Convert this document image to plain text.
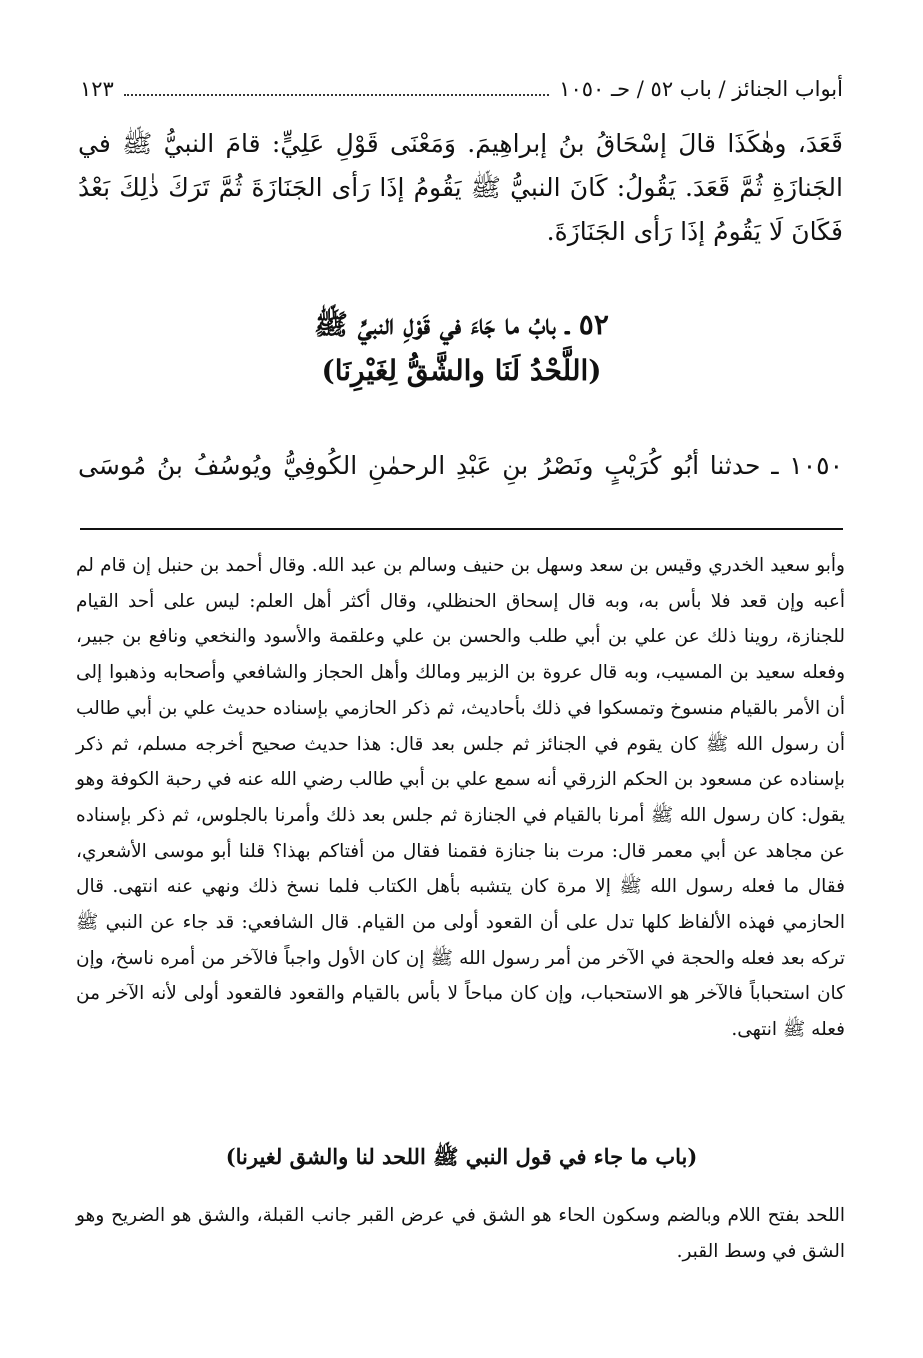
أبواب الجنائز / باب ٥٢ / حـ ١٠٥٠
١٢٣

قَعَدَ، وهٰكَذَا قالَ إسْحَاقُ بنُ إبراهِيمَ. وَمَعْنَى قَوْلِ عَلِيٍّ: قامَ النبيُّ ﷺ في الجَنازَةِ ثُمَّ قَعَدَ. يَقُولُ: كَانَ النبيُّ ﷺ يَقُومُ إذَا رَأى الجَنَازَةَ ثُمَّ تَرَكَ ذٰلِكَ بَعْدُ فَكَانَ لَا يَقُومُ إذَا رَأى الجَنَازَةَ.

٥٢ ـ بابُ ما جَاءَ في قَوْلِ النبيِّ ﷺ
(اللَّحْدُ لَنَا والشَّقُّ لِغَيْرِنَا)
١٠٥٠ ـ حدثنا أبُو كُرَيْبٍ ونَصْرُ بنِ عَبْدِ الرحمٰنِ الكُوفِيُّ ويُوسُفُ بنُ مُوسَى

وأبو سعيد الخدري وقيس بن سعد وسهل بن حنيف وسالم بن عبد الله. وقال أحمد بن حنبل إن قام لم أعبه وإن قعد فلا بأس به، وبه قال إسحاق الحنظلي، وقال أكثر أهل العلم: ليس على أحد القيام للجنازة، روينا ذلك عن علي بن أبي طلب والحسن بن علي وعلقمة والأسود والنخعي ونافع بن جبير، وفعله سعيد بن المسيب، وبه قال عروة بن الزبير ومالك وأهل الحجاز والشافعي وأصحابه وذهبوا إلى أن الأمر بالقيام منسوخ وتمسكوا في ذلك بأحاديث، ثم ذكر الحازمي بإسناده حديث علي بن أبي طالب أن رسول الله ﷺ كان يقوم في الجنائز ثم جلس بعد قال: هذا حديث صحيح أخرجه مسلم، ثم ذكر بإسناده عن مسعود بن الحكم الزرقي أنه سمع علي بن أبي طالب رضي الله عنه في رحبة الكوفة وهو يقول: كان رسول الله ﷺ أمرنا بالقيام في الجنازة ثم جلس بعد ذلك وأمرنا بالجلوس، ثم ذكر بإسناده عن مجاهد عن أبي معمر قال: مرت بنا جنازة فقمنا فقال من أفتاكم بهذا؟ قلنا أبو موسى الأشعري، فقال ما فعله رسول الله ﷺ إلا مرة كان يتشبه بأهل الكتاب فلما نسخ ذلك ونهي عنه انتهى. قال الحازمي فهذه الألفاظ كلها تدل على أن القعود أولى من القيام. قال الشافعي: قد جاء عن النبي ﷺ تركه بعد فعله والحجة في الآخر من أمر رسول الله ﷺ إن كان الأول واجباً فالآخر من أمره ناسخ، وإن كان استحباباً فالآخر هو الاستحباب، وإن كان مباحاً لا بأس بالقيام والقعود فالقعود أولى لأنه الآخر من فعله ﷺ انتهى.

(باب ما جاء في قول النبي ﷺ اللحد لنا والشق لغيرنا)

اللحد بفتح اللام وبالضم وسكون الحاء هو الشق في عرض القبر جانب القبلة، والشق هو الضريح وهو الشق في وسط القبر.
